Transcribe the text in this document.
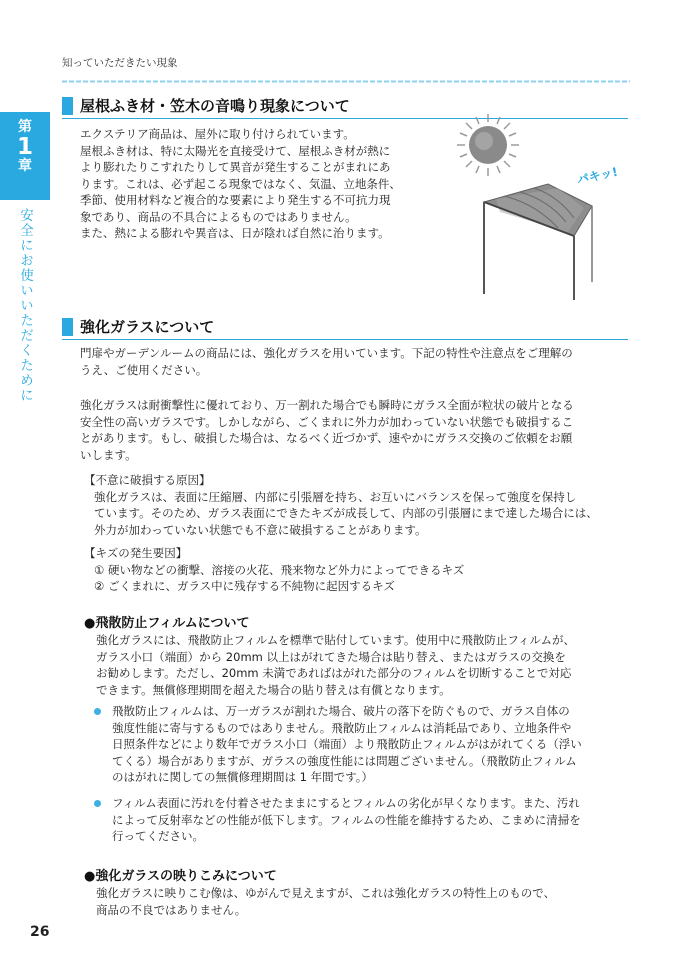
知っていただきたい現象
第
1
章
安全にお使いいただくために
屋根ふき材・笠木の音鳴り現象について

エクステリア商品は、屋外に取り付けられています。

屋根ふき材は、特に太陽光を直接受けて、屋根ふき材が熱に

より膨れたりこすれたりして異音が発生することがまれにあ

ります。これは、必ず起こる現象ではなく、気温、立地条件、

季節、使用材料など複合的な要素により発生する不可抗力現

象であり、商品の不具合によるものではありません。

また、熱による膨れや異音は、日が陰れば自然に治ります。

パキッ!
強化ガラスについて

門扉やガーデンルームの商品には、強化ガラスを用いています。下記の特性や注意点をご理解の

うえ、ご使用ください。

強化ガラスは耐衝撃性に優れており、万一割れた場合でも瞬時にガラス全面が粒状の破片となる

安全性の高いガラスです。しかしながら、ごくまれに外力が加わっていない状態でも破損するこ

とがあります。もし、破損した場合は、なるべく近づかず、速やかにガラス交換のご依頼をお願

いします。

【不意に破損する原因】

強化ガラスは、表面に圧縮層、内部に引張層を持ち、お互いにバランスを保って強度を保持し

ています。そのため、ガラス表面にできたキズが成長して、内部の引張層にまで達した場合には、

外力が加わっていない状態でも不意に破損することがあります。

【キズの発生要因】

① 硬い物などの衝撃、溶接の火花、飛来物など外力によってできるキズ

② ごくまれに、ガラス中に残存する不純物に起因するキズ

●飛散防止フィルムについて

強化ガラスには、飛散防止フィルムを標準で貼付しています。使用中に飛散防止フィルムが、

ガラス小口（端面）から 20mm 以上はがれてきた場合は貼り替え、またはガラスの交換を

お勧めします。ただし、20mm 未満であればはがれた部分のフィルムを切断することで対応

できます。無償修理期間を超えた場合の貼り替えは有償となります。

飛散防止フィルムは、万一ガラスが割れた場合、破片の落下を防ぐもので、ガラス自体の
強度性能に寄与するものではありません。飛散防止フィルムは消耗品であり、立地条件や
日照条件などにより数年でガラス小口（端面）より飛散防止フィルムがはがれてくる（浮い
てくる）場合がありますが、ガラスの強度性能には問題ございません。（飛散防止フィルム
のはがれに関しての無償修理期間は 1 年間です。）
フィルム表面に汚れを付着させたままにするとフィルムの劣化が早くなります。また、汚れ
によって反射率などの性能が低下します。フィルムの性能を維持するため、こまめに清掃を
行ってください。
●強化ガラスの映りこみについて

強化ガラスに映りこむ像は、ゆがんで見えますが、これは強化ガラスの特性上のもので、

商品の不良ではありません。

26
